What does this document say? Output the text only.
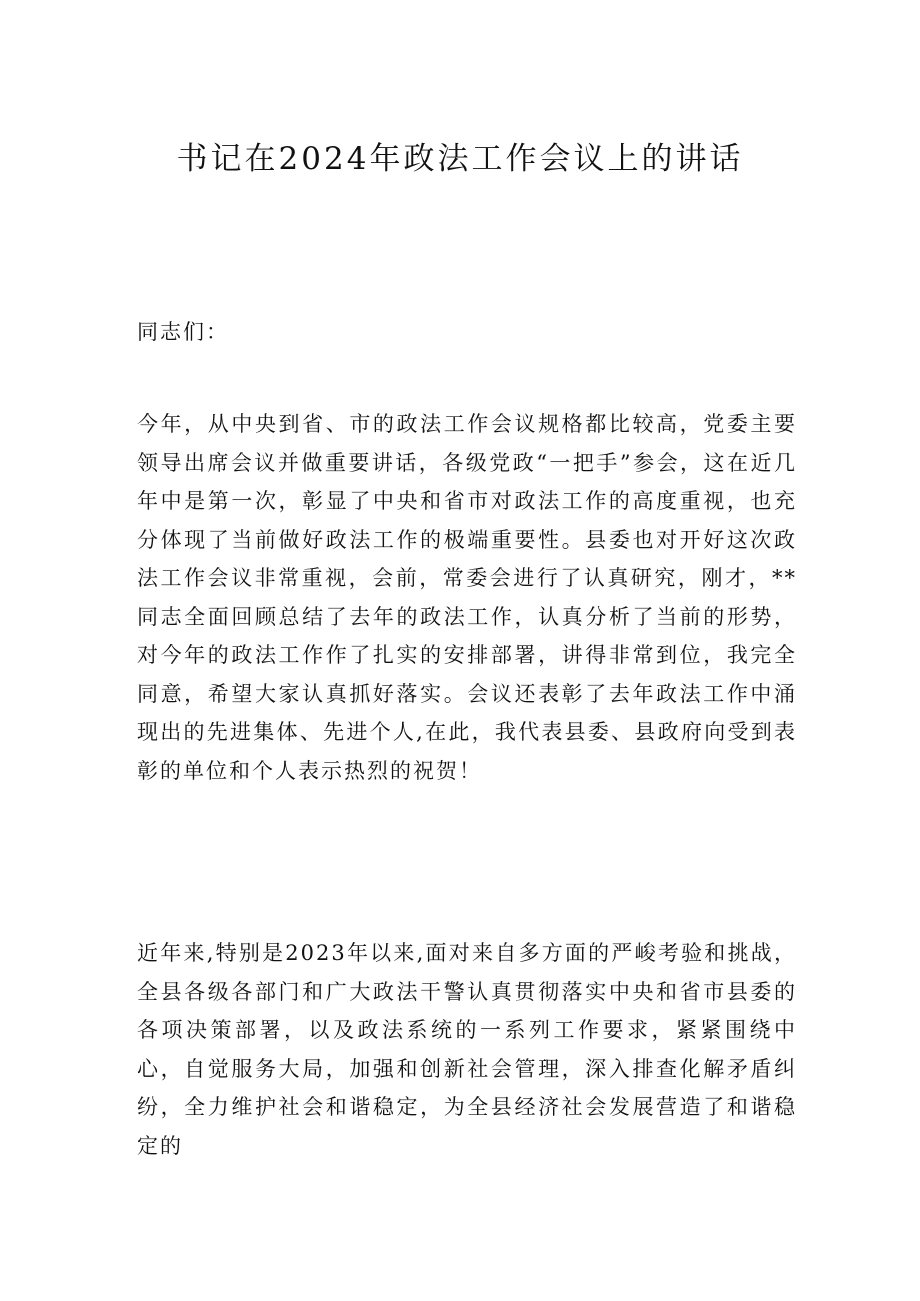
书记在2024年政法工作会议上的讲话

同志们：

今年，从中央到省、市的政法工作会议规格都比较高，党委主要领导出席会议并做重要讲话，各级党政“一把手”参会，这在近几年中是第一次，彰显了中央和省市对政法工作的高度重视，也充分体现了当前做好政法工作的极端重要性。县委也对开好这次政法工作会议非常重视，会前，常委会进行了认真研究，刚才，**同志全面回顾总结了去年的政法工作，认真分析了当前的形势，对今年的政法工作作了扎实的安排部署，讲得非常到位，我完全同意，希望大家认真抓好落实。会议还表彰了去年政法工作中涌现出的先进集体、先进个人,在此，我代表县委、县政府向受到表彰的单位和个人表示热烈的祝贺！

近年来,特别是2023年以来,面对来自多方面的严峻考验和挑战，全县各级各部门和广大政法干警认真贯彻落实中央和省市县委的各项决策部署，以及政法系统的一系列工作要求，紧紧围绕中心，自觉服务大局，加强和创新社会管理，深入排查化解矛盾纠纷，全力维护社会和谐稳定，为全县经济社会发展营造了和谐稳定的
